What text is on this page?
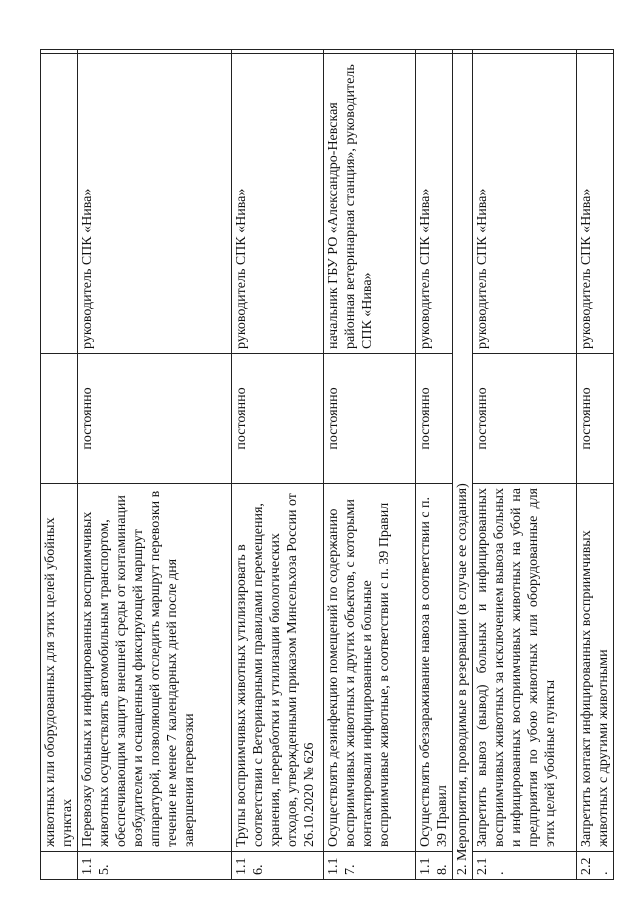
	животных или оборудованных для этих целей убойных пунктах			
1.15.	Перевозку больных и инфицированных восприимчивых животных осуществлять автомобильным транспортом, обеспечивающим защиту внешней среды от контаминации возбудителем и оснащенным фиксирующей маршрут аппаратурой, позволяющей отследить маршрут перевозки в течение не менее 7 календарных дней после дня завершения перевозки	постоянно	руководитель СПК «Нива»	
1.16.	Трупы восприимчивых животных утилизировать в соответствии с Ветеринарными правилами перемещения, хранения, переработки и утилизации биологических отходов, утвержденными приказом Минсельхоза России от 26.10.2020 № 626	постоянно	руководитель СПК «Нива»	
1.17.	Осуществлять дезинфекцию помещений по содержанию восприимчивых животных и других объектов, с которыми контактировали инфицированные и больные восприимчивые животные, в соответствии с п. 39 Правил	постоянно	начальник ГБУ РО «Александро-Невская районная ветеринарная станция», руководитель СПК «Нива»	
1.18.	Осуществлять обеззараживание навоза в соответствии с п. 39 Правил	постоянно	руководитель СПК «Нива»	
2. Мероприятия, проводимые в резервации (в случае ее создания)				
2.1.	Запретить вывоз (вывод) больных и инфицированных восприимчивых животных за исключением вывоза больных и инфицированных восприимчивых животных на убой на предприятия по убою животных или оборудованные для этих целей убойные пункты	постоянно	руководитель СПК «Нива»	
2.2.	Запретить контакт инфицированных восприимчивых животных с другими животными	постоянно	руководитель СПК «Нива»	
